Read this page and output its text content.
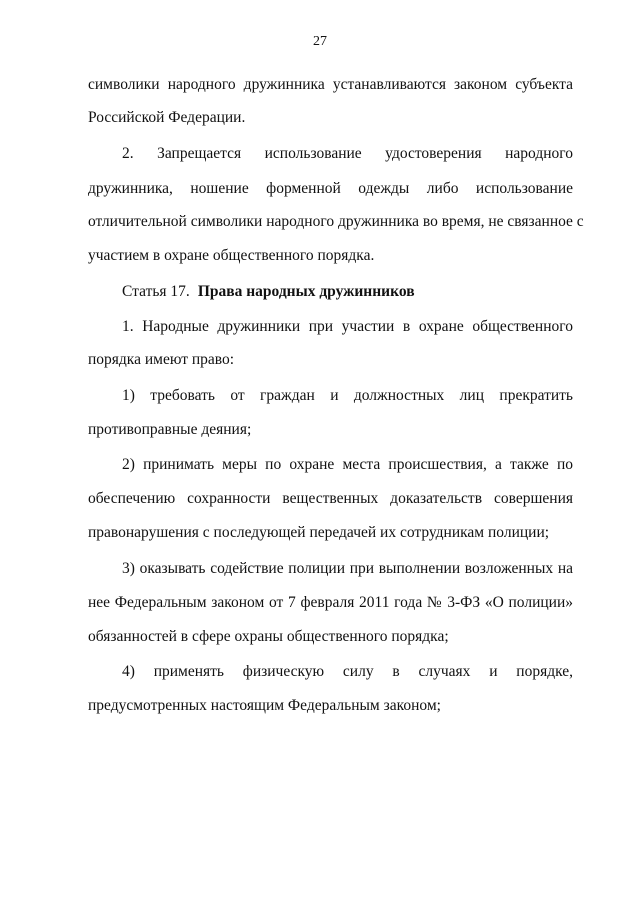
27
символики народного дружинника устанавливаются законом субъекта
Российской Федерации.
2. Запрещается использование удостоверения народного
дружинника, ношение форменной одежды либо использование
отличительной символики народного дружинника во время, не связанное с
участием в охране общественного порядка.
Статья 17. Права народных дружинников
1. Народные дружинники при участии в охране общественного
порядка имеют право:
1) требовать от граждан и должностных лиц прекратить
противоправные деяния;
2) принимать меры по охране места происшествия, а также по
обеспечению сохранности вещественных доказательств совершения
правонарушения с последующей передачей их сотрудникам полиции;
3) оказывать содействие полиции при выполнении возложенных на
нее Федеральным законом от 7 февраля 2011 года № 3-ФЗ «О полиции»
обязанностей в сфере охраны общественного порядка;
4) применять физическую силу в случаях и порядке,
предусмотренных настоящим Федеральным законом;
